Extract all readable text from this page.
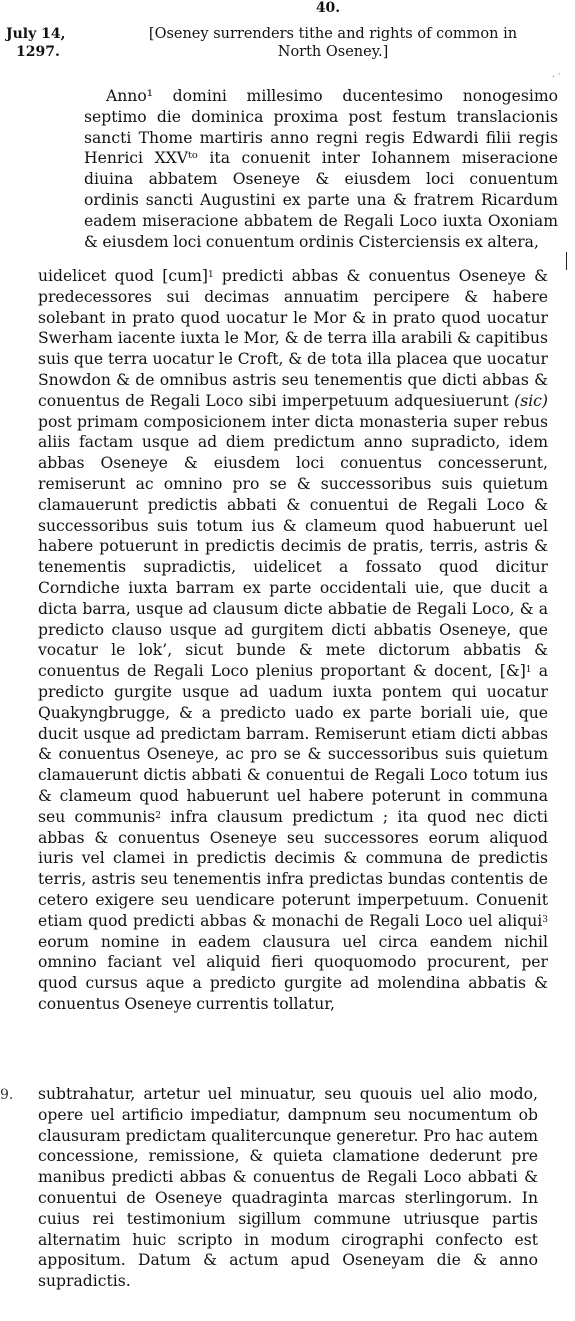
40.
July 14,
1297.
[Oseney surrenders tithe and rights of common in
North Oseney.]
. ·
Anno¹ domini millesimo ducentesimo nonogesimo
septimo die dominica proxima post festum translacionis
sancti Thome martiris anno regni regis Edwardi filii regis
Henrici XXVᵗᵒ ita conuenit inter Iohannem miseracione
diuina abbatem Oseneye & eiusdem loci conuentum
ordinis sancti Augustini ex parte una & fratrem Ricardum
eadem miseracione abbatem de Regali Loco iuxta Oxoniam
& eiusdem loci conuentum ordinis Cisterciensis ex altera,
uidelicet quod [cum]$^1$ predicti abbas & conuentus Oseneye & predecessores sui decimas annuatim percipere & habere solebant in prato quod uocatur le Mor & in prato quod uocatur Swerham iacente iuxta le Mor, & de terra illa arabili & capitibus suis que terra uocatur le Croft, & de tota illa placea que uocatur Snowdon & de omnibus astris seu tenementis que dicti abbas & conuentus de Regali Loco sibi imperpetuum adquesiuerunt (sic) post primam composicionem inter dicta monasteria super rebus aliis factam usque ad diem predictum anno supradicto, idem abbas Oseneye & eiusdem loci conuentus concesserunt, remiserunt ac omnino pro se & successoribus suis quietum clamauerunt predictis abbati & conuentui de Regali Loco & successoribus suis totum ius & clameum quod habuerunt uel habere potuerunt in predictis decimis de pratis, terris, astris & tenementis supradictis, uidelicet a fossato quod dicitur Corndiche iuxta barram ex parte occidentali uie, que ducit a dicta barra, usque ad clausum dicte abbatie de Regali Loco, & a predicto clauso usque ad gurgitem dicti abbatis Oseneye, que vocatur le lok’, sicut bunde & mete dictorum abbatis & conuentus de Regali Loco plenius proportant & docent, [&]$^1$ a predicto gurgite usque ad uadum iuxta pontem qui uocatur Quakyngbrugge, & a predicto uado ex parte boriali uie, que ducit usque ad predictam barram. Remiserunt etiam dicti abbas & conuentus Oseneye, ac pro se & successoribus suis quietum clamauerunt dictis abbati & conuentui de Regali Loco totum ius & clameum quod habuerunt uel habere poterunt in communa seu communis$^2$ infra clausum predictum ; ita quod nec dicti abbas & conuentus Oseneye seu successores eorum aliquod iuris vel clamei in predictis decimis & communa de predictis terris, astris seu tenementis infra predictas bundas contentis de cetero exigere seu uendicare poterunt imperpetuum. Conuenit etiam quod predicti abbas & monachi de Regali Loco uel aliqui$^3$ eorum nomine in eadem clausura uel circa eandem nichil omnino faciant vel aliquid fieri quoquomodo procurent, per quod cursus aque a predicto gurgite ad molendina abbatis & conuentus Oseneye currentis tollatur,
9. subtrahatur, artetur uel minuatur, seu quouis uel alio modo, opere uel artificio impediatur, dampnum seu nocumentum ob clausuram predictam qualitercunque generetur. Pro hac autem concessione, remissione, & quieta clamatione dederunt pre manibus predicti abbas & conuentus de Regali Loco abbati & conuentui de Oseneye quadraginta marcas sterlingorum. In cuius rei testimonium sigillum commune utriusque partis alternatim huic scripto in modum cirographi confecto est appositum. Datum & actum apud Oseneyam die & anno supradictis.
